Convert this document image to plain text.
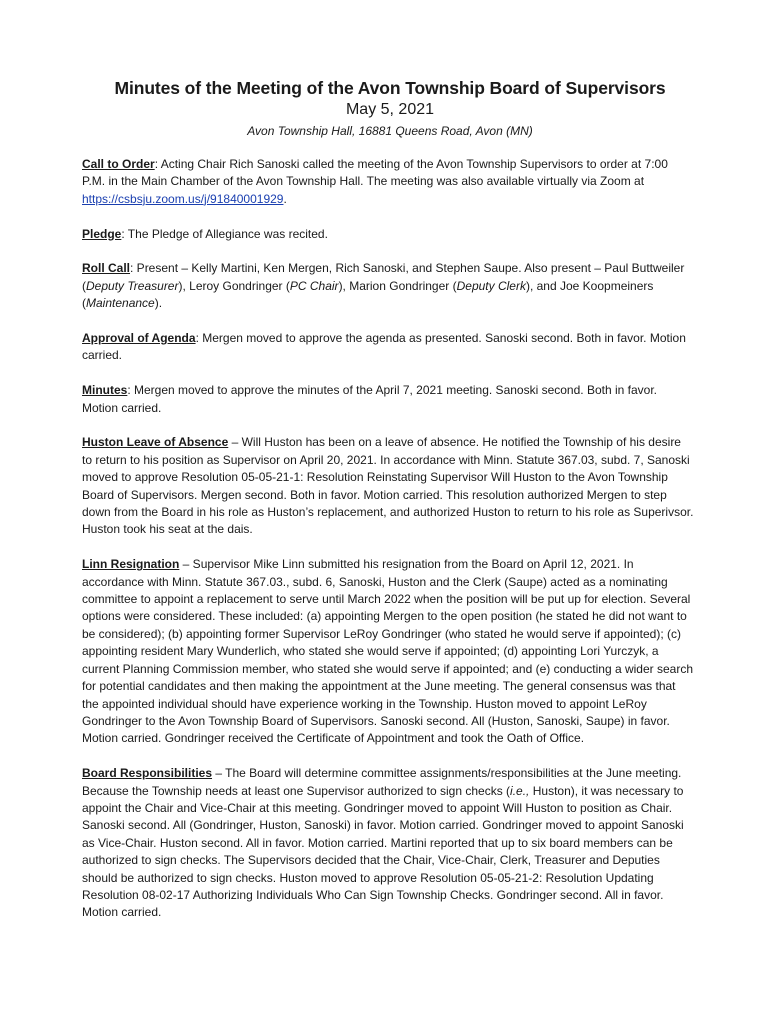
Minutes of the Meeting of the Avon Township Board of Supervisors
May 5, 2021
Avon Township Hall, 16881 Queens Road, Avon (MN)

Call to Order: Acting Chair Rich Sanoski called the meeting of the Avon Township Supervisors to order at 7:00 P.M. in the Main Chamber of the Avon Township Hall. The meeting was also available virtually via Zoom at https://csbsju.zoom.us/j/91840001929.

Pledge: The Pledge of Allegiance was recited.

Roll Call: Present – Kelly Martini, Ken Mergen, Rich Sanoski, and Stephen Saupe. Also present – Paul Buttweiler (Deputy Treasurer), Leroy Gondringer (PC Chair), Marion Gondringer (Deputy Clerk), and Joe Koopmeiners (Maintenance).

Approval of Agenda: Mergen moved to approve the agenda as presented. Sanoski second. Both in favor. Motion carried.

Minutes: Mergen moved to approve the minutes of the April 7, 2021 meeting. Sanoski second. Both in favor. Motion carried.

Huston Leave of Absence – Will Huston has been on a leave of absence. He notified the Township of his desire to return to his position as Supervisor on April 20, 2021. In accordance with Minn. Statute 367.03, subd. 7, Sanoski moved to approve Resolution 05-05-21-1: Resolution Reinstating Supervisor Will Huston to the Avon Township Board of Supervisors. Mergen second. Both in favor. Motion carried. This resolution authorized Mergen to step down from the Board in his role as Huston’s replacement, and authorized Huston to return to his role as Superivsor. Huston took his seat at the dais.

Linn Resignation – Supervisor Mike Linn submitted his resignation from the Board on April 12, 2021. In accordance with Minn. Statute 367.03., subd. 6, Sanoski, Huston and the Clerk (Saupe) acted as a nominating committee to appoint a replacement to serve until March 2022 when the position will be put up for election. Several options were considered. These included: (a) appointing Mergen to the open position (he stated he did not want to be considered); (b) appointing former Supervisor LeRoy Gondringer (who stated he would serve if appointed); (c) appointing resident Mary Wunderlich, who stated she would serve if appointed; (d) appointing Lori Yurczyk, a current Planning Commission member, who stated she would serve if appointed; and (e) conducting a wider search for potential candidates and then making the appointment at the June meeting. The general consensus was that the appointed individual should have experience working in the Township. Huston moved to appoint LeRoy Gondringer to the Avon Township Board of Supervisors. Sanoski second. All (Huston, Sanoski, Saupe) in favor. Motion carried. Gondringer received the Certificate of Appointment and took the Oath of Office.

Board Responsibilities – The Board will determine committee assignments/responsibilities at the June meeting. Because the Township needs at least one Supervisor authorized to sign checks (i.e., Huston), it was necessary to appoint the Chair and Vice-Chair at this meeting. Gondringer moved to appoint Will Huston to position as Chair. Sanoski second. All (Gondringer, Huston, Sanoski) in favor. Motion carried. Gondringer moved to appoint Sanoski as Vice-Chair. Huston second. All in favor. Motion carried. Martini reported that up to six board members can be authorized to sign checks. The Supervisors decided that the Chair, Vice-Chair, Clerk, Treasurer and Deputies should be authorized to sign checks. Huston moved to approve Resolution 05-05-21-2: Resolution Updating Resolution 08-02-17 Authorizing Individuals Who Can Sign Township Checks. Gondringer second. All in favor. Motion carried.
